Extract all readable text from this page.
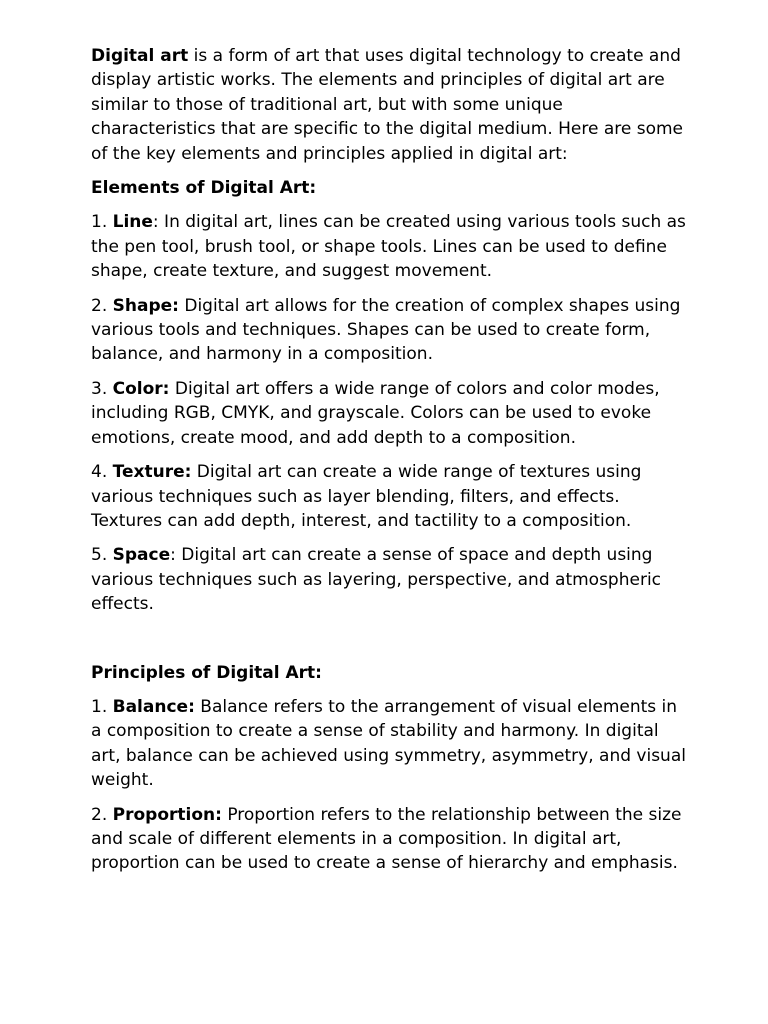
Digital art is a form of art that uses digital technology to create and display artistic works. The elements and principles of digital art are similar to those of traditional art, but with some unique characteristics that are specific to the digital medium. Here are some of the key elements and principles applied in digital art:

Elements of Digital Art:

1. Line: In digital art, lines can be created using various tools such as the pen tool, brush tool, or shape tools. Lines can be used to define shape, create texture, and suggest movement.

2. Shape: Digital art allows for the creation of complex shapes using various tools and techniques. Shapes can be used to create form, balance, and harmony in a composition.

3. Color: Digital art offers a wide range of colors and color modes, including RGB, CMYK, and grayscale. Colors can be used to evoke emotions, create mood, and add depth to a composition.

4. Texture: Digital art can create a wide range of textures using various techniques such as layer blending, filters, and effects. Textures can add depth, interest, and tactility to a composition.

5. Space: Digital art can create a sense of space and depth using various techniques such as layering, perspective, and atmospheric effects.

Principles of Digital Art:

1. Balance: Balance refers to the arrangement of visual elements in a composition to create a sense of stability and harmony. In digital art, balance can be achieved using symmetry, asymmetry, and visual weight.

2. Proportion: Proportion refers to the relationship between the size and scale of different elements in a composition. In digital art, proportion can be used to create a sense of hierarchy and emphasis.
